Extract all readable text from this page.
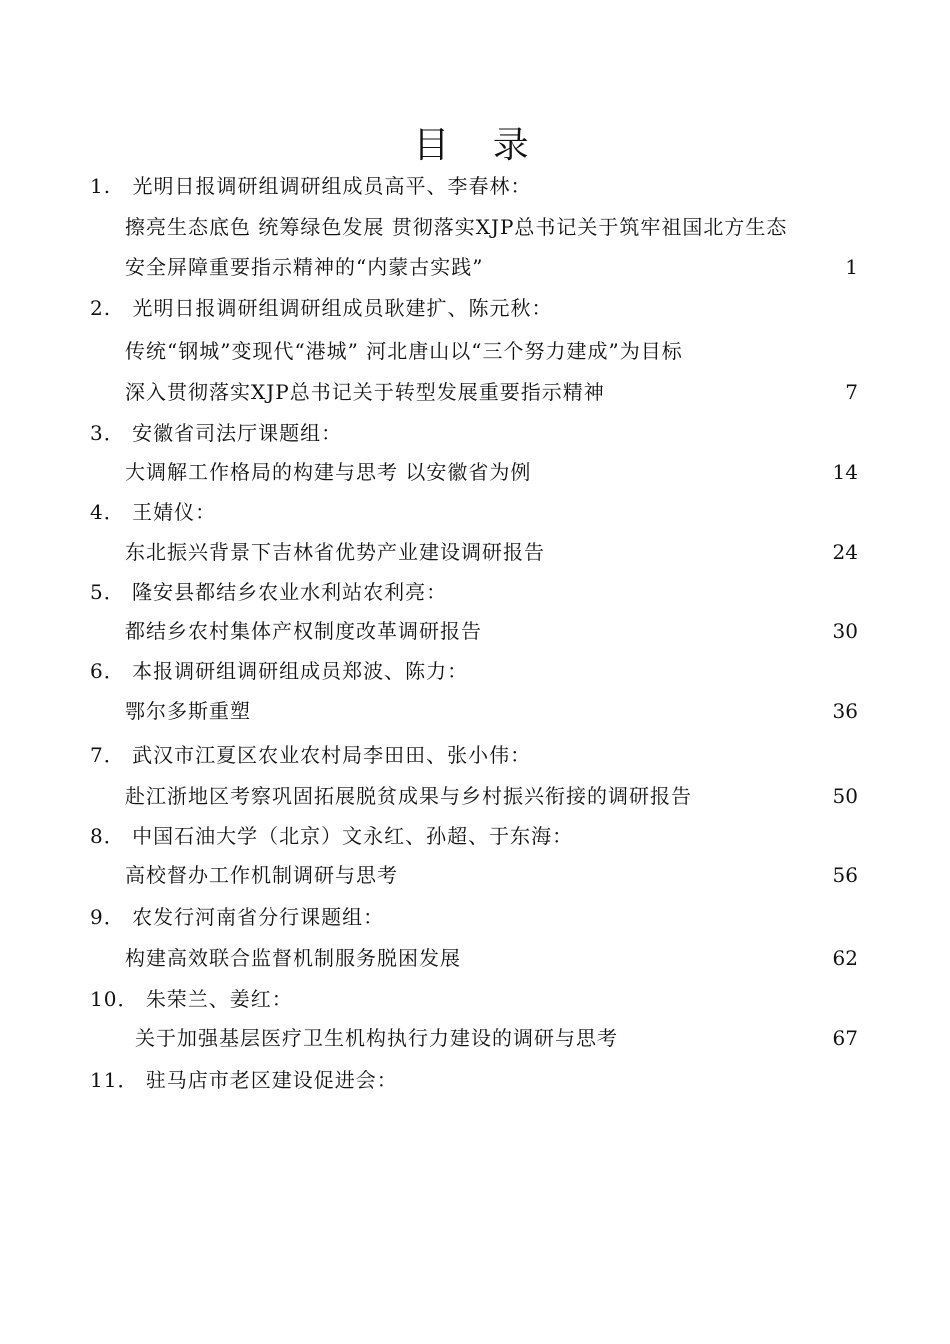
目 录
1. 光明日报调研组调研组成员高平、李春林：
擦亮生态底色 统筹绿色发展 贯彻落实XJP总书记关于筑牢祖国北方生态
安全屏障重要指示精神的“内蒙古实践”	1
2. 光明日报调研组调研组成员耿建扩、陈元秋：
传统“钢城”变现代“港城” 河北唐山以“三个努力建成”为目标
深入贯彻落实XJP总书记关于转型发展重要指示精神	7
3． 安徽省司法厅课题组：
大调解工作格局的构建与思考 以安徽省为例	14
4． 王婧仪：
东北振兴背景下吉林省优势产业建设调研报告	24
5． 隆安县都结乡农业水利站农利亮：
都结乡农村集体产权制度改革调研报告	30
6． 本报调研组调研组成员郑波、陈力：
鄂尔多斯重塑	36
7． 武汉市江夏区农业农村局李田田、张小伟：
赴江浙地区考察巩固拓展脱贫成果与乡村振兴衔接的调研报告	50
8． 中国石油大学（北京）文永红、孙超、于东海：
高校督办工作机制调研与思考	56
9． 农发行河南省分行课题组：
构建高效联合监督机制服务脱困发展	62
10． 朱荣兰、姜红：
关于加强基层医疗卫生机构执行力建设的调研与思考	67
11． 驻马店市老区建设促进会：
